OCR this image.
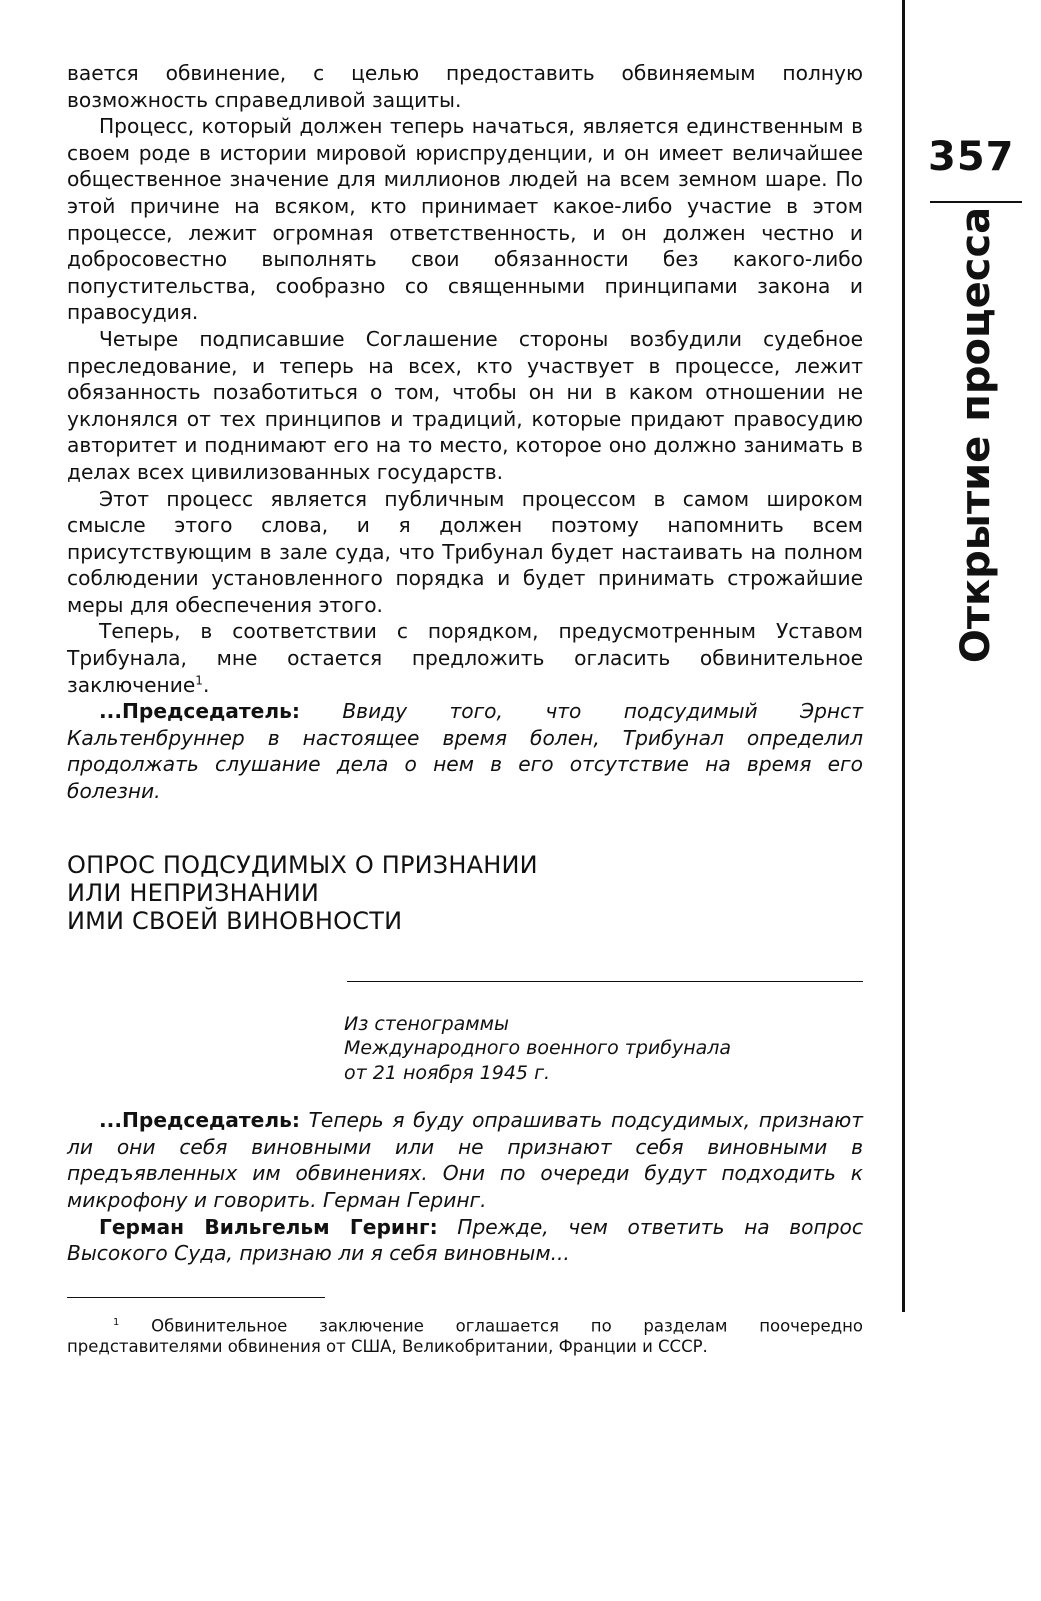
357
Открытие процесса

вается обвинение, с целью предоставить обвиняемым полную возможность справедливой защиты.

Процесс, который должен теперь начаться, является единственным в своем роде в истории мировой юриспруденции, и он имеет величайшее общественное значение для миллионов людей на всем земном шаре. По этой причине на всяком, кто принимает какое-либо участие в этом процессе, лежит огромная ответственность, и он должен честно и добросовестно выполнять свои обязанности без какого-либо попустительства, сообразно со священными принципами закона и правосудия.

Четыре подписавшие Соглашение стороны возбудили судебное преследование, и теперь на всех, кто участвует в процессе, лежит обязанность позаботиться о том, чтобы он ни в каком отношении не уклонялся от тех принципов и традиций, которые придают правосудию авторитет и поднимают его на то место, которое оно должно занимать в делах всех цивилизованных государств.

Этот процесс является публичным процессом в самом широком смысле этого слова, и я должен поэтому напомнить всем присутствующим в зале суда, что Трибунал будет настаивать на полном соблюдении установленного порядка и будет принимать строжайшие меры для обеспечения этого.

Теперь, в соответствии с порядком, предусмотренным Уставом Трибунала, мне остается предложить огласить обвинительное заключение$^1$.

...Председатель: Ввиду того, что подсудимый Эрнст Кальтенбруннер в настоящее время болен, Трибунал определил продолжать слушание дела о нем в его отсутствие на время его болезни.

ОПРОС ПОДСУДИМЫХ О ПРИЗНАНИИ
ИЛИ НЕПРИЗНАНИИ
ИМИ СВОЕЙ ВИНОВНОСТИ
Из стенограммы
Международного военного трибунала
от 21 ноября 1945 г.

...Председатель: Теперь я буду опрашивать подсудимых, признают ли они себя виновными или не признают себя виновными в предъявленных им обвинениях. Они по очереди будут подходить к микрофону и говорить. Герман Геринг.

Герман Вильгельм Геринг: Прежде, чем ответить на вопрос Высокого Суда, признаю ли я себя виновным...

$^1$ Обвинительное заключение оглашается по разделам поочередно представителями обвинения от США, Великобритании, Франции и СССР.
